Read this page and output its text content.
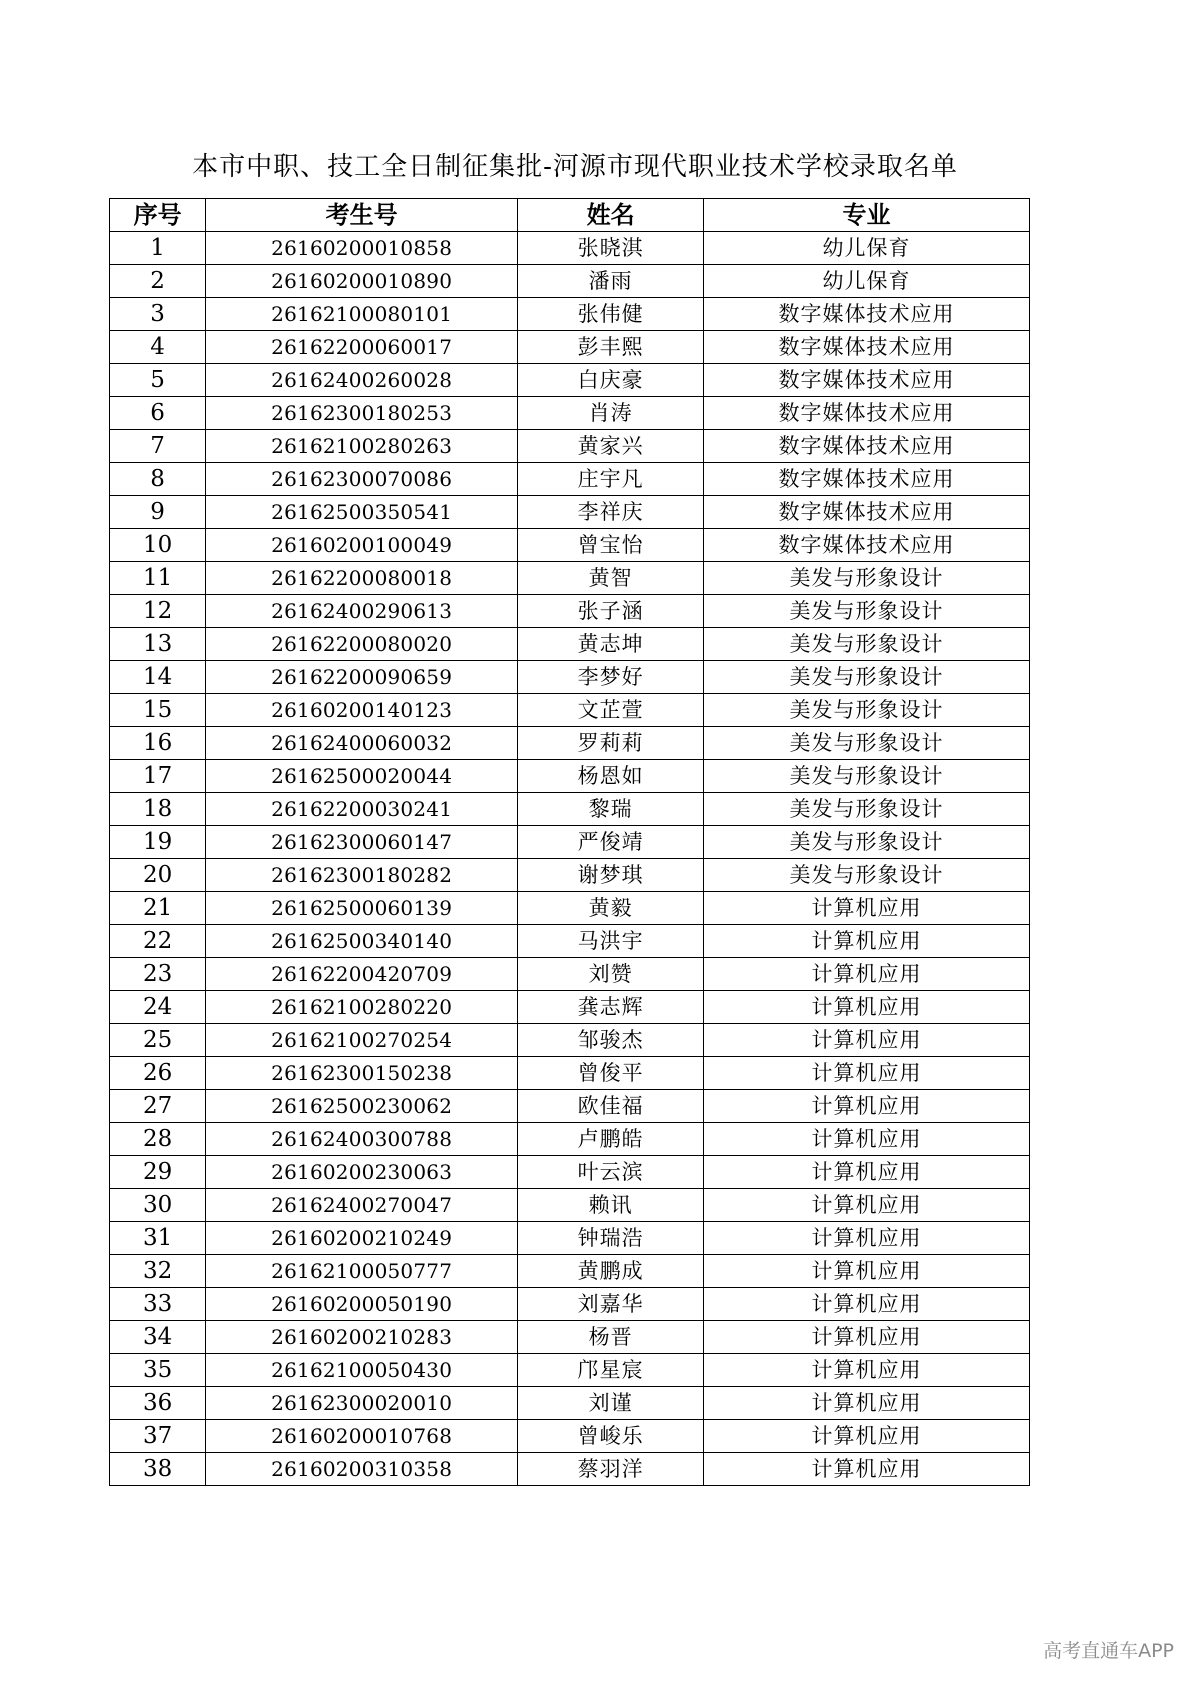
本市中职、技工全日制征集批-河源市现代职业技术学校录取名单
序号	考生号	姓名	专业
1	26160200010858	张晓淇	幼儿保育
2	26160200010890	潘雨	幼儿保育
3	26162100080101	张伟健	数字媒体技术应用
4	26162200060017	彭丰熙	数字媒体技术应用
5	26162400260028	白庆豪	数字媒体技术应用
6	26162300180253	肖涛	数字媒体技术应用
7	26162100280263	黄家兴	数字媒体技术应用
8	26162300070086	庄宇凡	数字媒体技术应用
9	26162500350541	李祥庆	数字媒体技术应用
10	26160200100049	曾宝怡	数字媒体技术应用
11	26162200080018	黄智	美发与形象设计
12	26162400290613	张子涵	美发与形象设计
13	26162200080020	黄志坤	美发与形象设计
14	26162200090659	李梦好	美发与形象设计
15	26160200140123	文芷萱	美发与形象设计
16	26162400060032	罗莉莉	美发与形象设计
17	26162500020044	杨恩如	美发与形象设计
18	26162200030241	黎瑞	美发与形象设计
19	26162300060147	严俊靖	美发与形象设计
20	26162300180282	谢梦琪	美发与形象设计
21	26162500060139	黄毅	计算机应用
22	26162500340140	马洪宇	计算机应用
23	26162200420709	刘赞	计算机应用
24	26162100280220	龚志辉	计算机应用
25	26162100270254	邹骏杰	计算机应用
26	26162300150238	曾俊平	计算机应用
27	26162500230062	欧佳福	计算机应用
28	26162400300788	卢鹏皓	计算机应用
29	26160200230063	叶云滨	计算机应用
30	26162400270047	赖讯	计算机应用
31	26160200210249	钟瑞浩	计算机应用
32	26162100050777	黄鹏成	计算机应用
33	26160200050190	刘嘉华	计算机应用
34	26160200210283	杨晋	计算机应用
35	26162100050430	邝星宸	计算机应用
36	26162300020010	刘谨	计算机应用
37	26160200010768	曾峻乐	计算机应用
38	26160200310358	蔡羽洋	计算机应用
高考直通车APP
